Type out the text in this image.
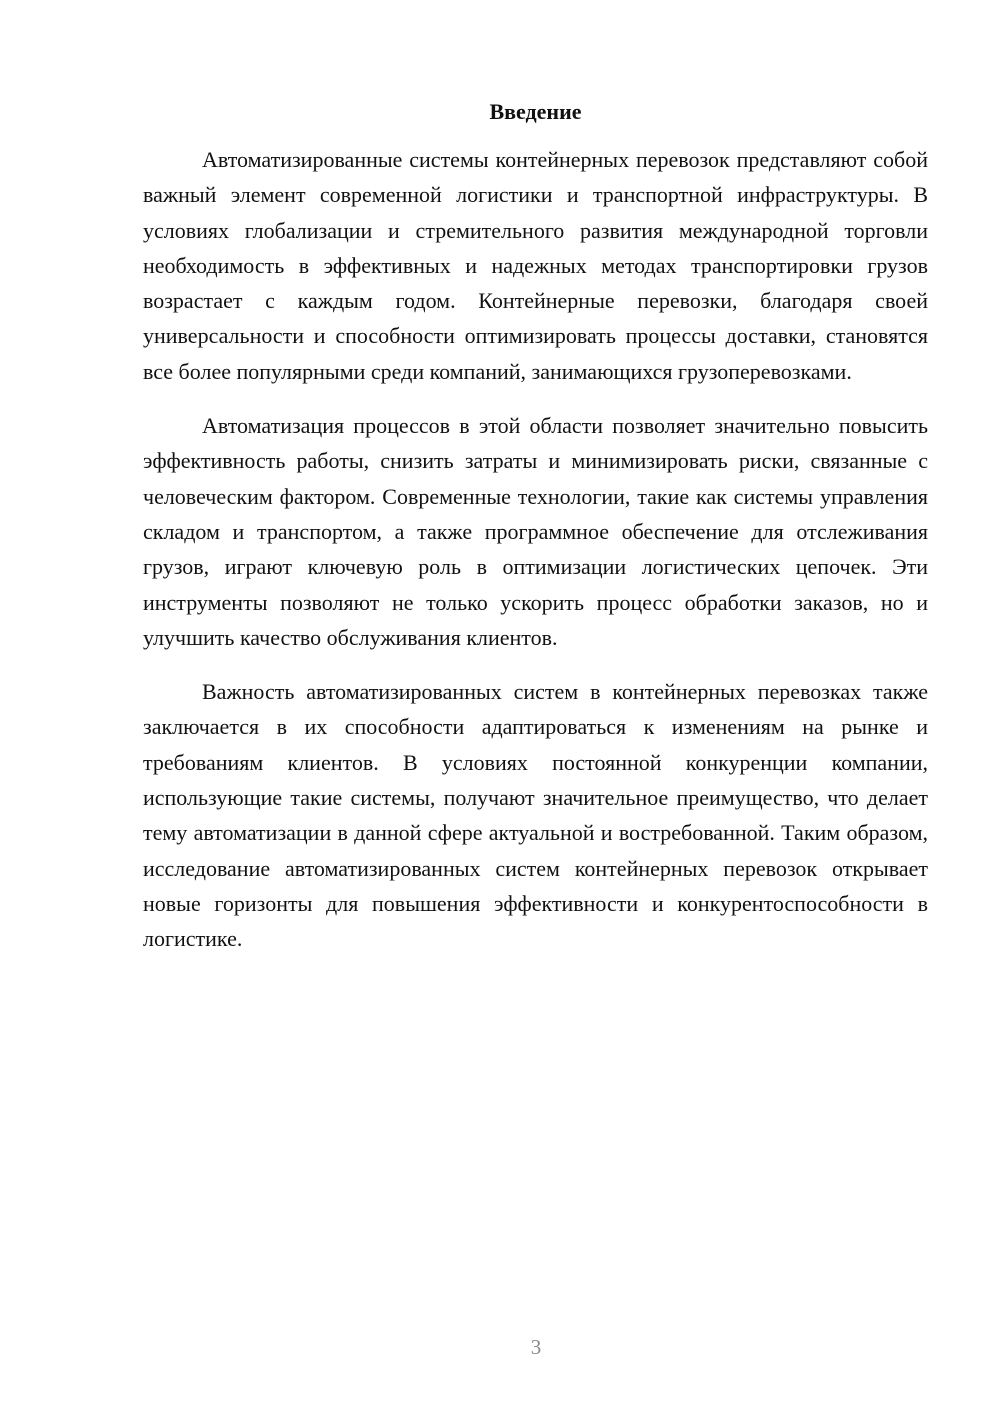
Введение

Автоматизированные системы контейнерных перевозок представляют собой важный элемент современной логистики и транспортной инфраструктуры. В условиях глобализации и стремительного развития международной торговли необходимость в эффективных и надежных методах транспортировки грузов возрастает с каждым годом. Контейнерные перевозки, благодаря своей универсальности и способности оптимизировать процессы доставки, становятся все более популярными среди компаний, занимающихся грузоперевозками.

Автоматизация процессов в этой области позволяет значительно повысить эффективность работы, снизить затраты и минимизировать риски, связанные с человеческим фактором. Современные технологии, такие как системы управления складом и транспортом, а также программное обеспечение для отслеживания грузов, играют ключевую роль в оптимизации логистических цепочек. Эти инструменты позволяют не только ускорить процесс обработки заказов, но и улучшить качество обслуживания клиентов.

Важность автоматизированных систем в контейнерных перевозках также заключается в их способности адаптироваться к изменениям на рынке и требованиям клиентов. В условиях постоянной конкуренции компании, использующие такие системы, получают значительное преимущество, что делает тему автоматизации в данной сфере актуальной и востребованной. Таким образом, исследование автоматизированных систем контейнерных перевозок открывает новые горизонты для повышения эффективности и конкурентоспособности в логистике.

3
